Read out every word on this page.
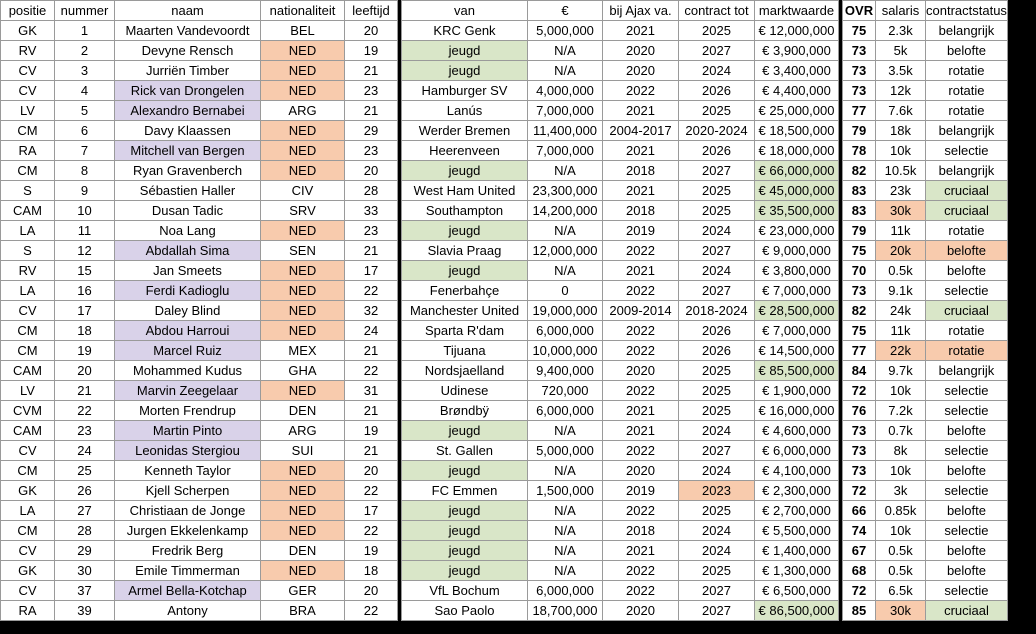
positie	nummer	naam	nationaliteit	leeftijd		van	€	bij Ajax va.	contract tot	marktwaarde		OVR	salaris	contractstatus
GK	1	Maarten Vandevoordt	BEL	20		KRC Genk	5,000,000	2021	2025	€ 12,000,000		75	2.3k	belangrijk
RV	2	Devyne Rensch	NED	19		jeugd	N/A	2020	2027	€ 3,900,000		73	5k	belofte
CV	3	Jurriën Timber	NED	21		jeugd	N/A	2020	2024	€ 3,400,000		73	3.5k	rotatie
CV	4	Rick van Drongelen	NED	23		Hamburger SV	4,000,000	2022	2026	€ 4,400,000		73	12k	rotatie
LV	5	Alexandro Bernabei	ARG	21		Lanús	7,000,000	2021	2025	€ 25,000,000		77	7.6k	rotatie
CM	6	Davy Klaassen	NED	29		Werder Bremen	11,400,000	2004-2017	2020-2024	€ 18,500,000		79	18k	belangrijk
RA	7	Mitchell van Bergen	NED	23		Heerenveen	7,000,000	2021	2026	€ 18,000,000		78	10k	selectie
CM	8	Ryan Gravenberch	NED	20		jeugd	N/A	2018	2027	€ 66,000,000		82	10.5k	belangrijk
S	9	Sébastien Haller	CIV	28		West Ham United	23,300,000	2021	2025	€ 45,000,000		83	23k	cruciaal
CAM	10	Dusan Tadic	SRV	33		Southampton	14,200,000	2018	2025	€ 35,500,000		83	30k	cruciaal
LA	11	Noa Lang	NED	23		jeugd	N/A	2019	2024	€ 23,000,000		79	11k	rotatie
S	12	Abdallah Sima	SEN	21		Slavia Praag	12,000,000	2022	2027	€ 9,000,000		75	20k	belofte
RV	15	Jan Smeets	NED	17		jeugd	N/A	2021	2024	€ 3,800,000		70	0.5k	belofte
LA	16	Ferdi Kadioglu	NED	22		Fenerbahçe	0	2022	2027	€ 7,000,000		73	9.1k	selectie
CV	17	Daley Blind	NED	32		Manchester United	19,000,000	2009-2014	2018-2024	€ 28,500,000		82	24k	cruciaal
CM	18	Abdou Harroui	NED	24		Sparta R'dam	6,000,000	2022	2026	€ 7,000,000		75	11k	rotatie
CM	19	Marcel Ruiz	MEX	21		Tijuana	10,000,000	2022	2026	€ 14,500,000		77	22k	rotatie
CAM	20	Mohammed Kudus	GHA	22		Nordsjaelland	9,400,000	2020	2025	€ 85,500,000		84	9.7k	belangrijk
LV	21	Marvin Zeegelaar	NED	31		Udinese	720,000	2022	2025	€ 1,900,000		72	10k	selectie
CVM	22	Morten Frendrup	DEN	21		Brøndbÿ	6,000,000	2021	2025	€ 16,000,000		76	7.2k	selectie
CAM	23	Martin Pinto	ARG	19		jeugd	N/A	2021	2024	€ 4,600,000		73	0.7k	belofte
CV	24	Leonidas Stergiou	SUI	21		St. Gallen	5,000,000	2022	2027	€ 6,000,000		73	8k	selectie
CM	25	Kenneth Taylor	NED	20		jeugd	N/A	2020	2024	€ 4,100,000		73	10k	belofte
GK	26	Kjell Scherpen	NED	22		FC Emmen	1,500,000	2019	2023	€ 2,300,000		72	3k	selectie
LA	27	Christiaan de Jonge	NED	17		jeugd	N/A	2022	2025	€ 2,700,000		66	0.85k	belofte
CM	28	Jurgen Ekkelenkamp	NED	22		jeugd	N/A	2018	2024	€ 5,500,000		74	10k	selectie
CV	29	Fredrik Berg	DEN	19		jeugd	N/A	2021	2024	€ 1,400,000		67	0.5k	belofte
GK	30	Emile Timmerman	NED	18		jeugd	N/A	2022	2025	€ 1,300,000		68	0.5k	belofte
CV	37	Armel Bella-Kotchap	GER	20		VfL Bochum	6,000,000	2022	2027	€ 6,500,000		72	6.5k	selectie
RA	39	Antony	BRA	22		Sao Paolo	18,700,000	2020	2027	€ 86,500,000		85	30k	cruciaal
